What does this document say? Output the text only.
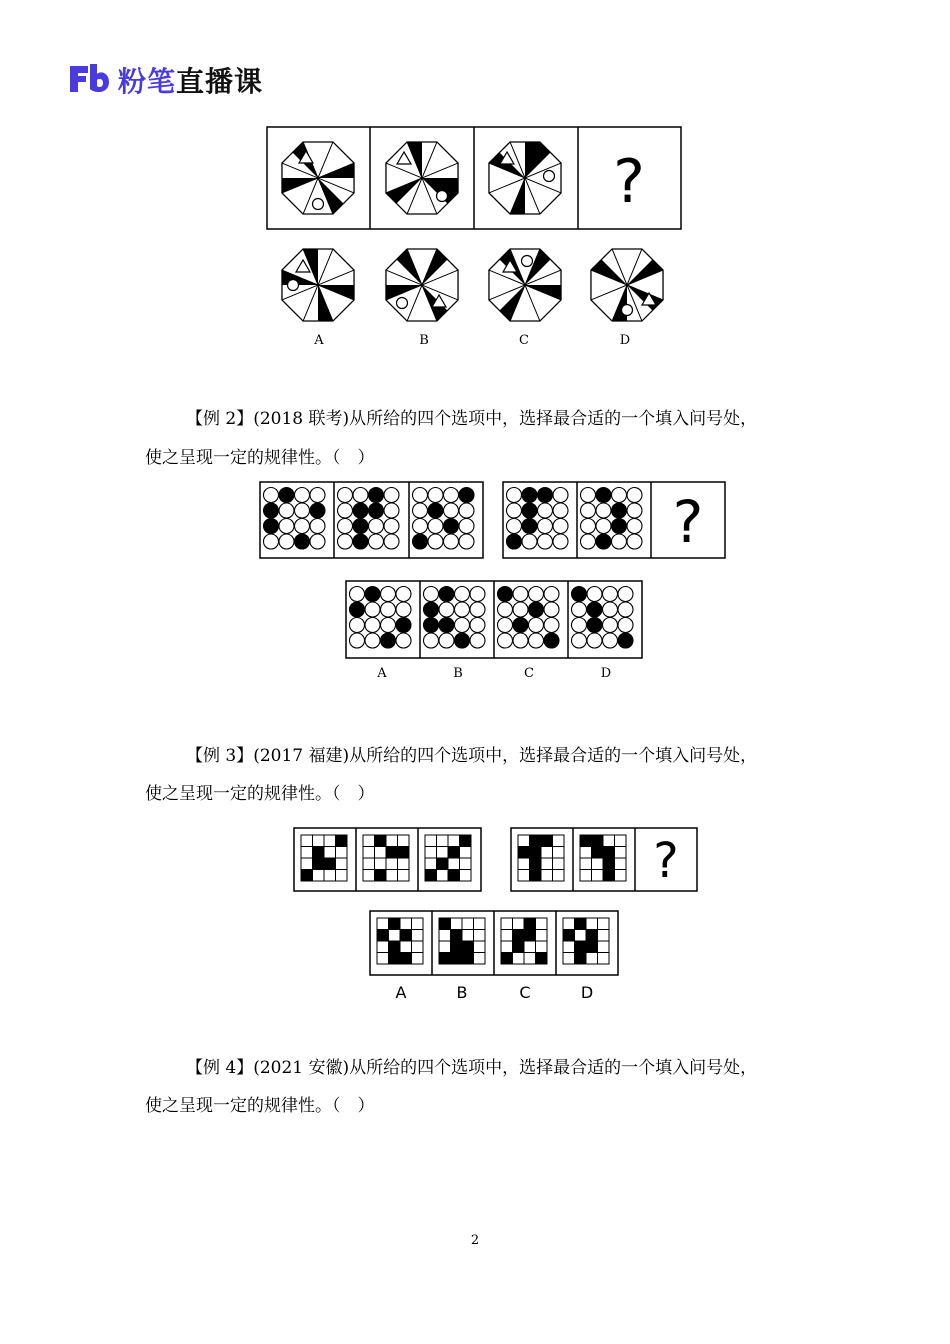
粉笔直播课
?
A	B	C	D
【例 2】(2018 联考)从所给的四个选项中，选择最合适的一个填入问号处，
使之呈现一定的规律性。（　）
?
A	B	C	D
【例 3】(2017 福建)从所给的四个选项中，选择最合适的一个填入问号处，
使之呈现一定的规律性。（　）
?
A	B	C	D
【例 4】(2021 安徽)从所给的四个选项中，选择最合适的一个填入问号处，
使之呈现一定的规律性。（　）
2
